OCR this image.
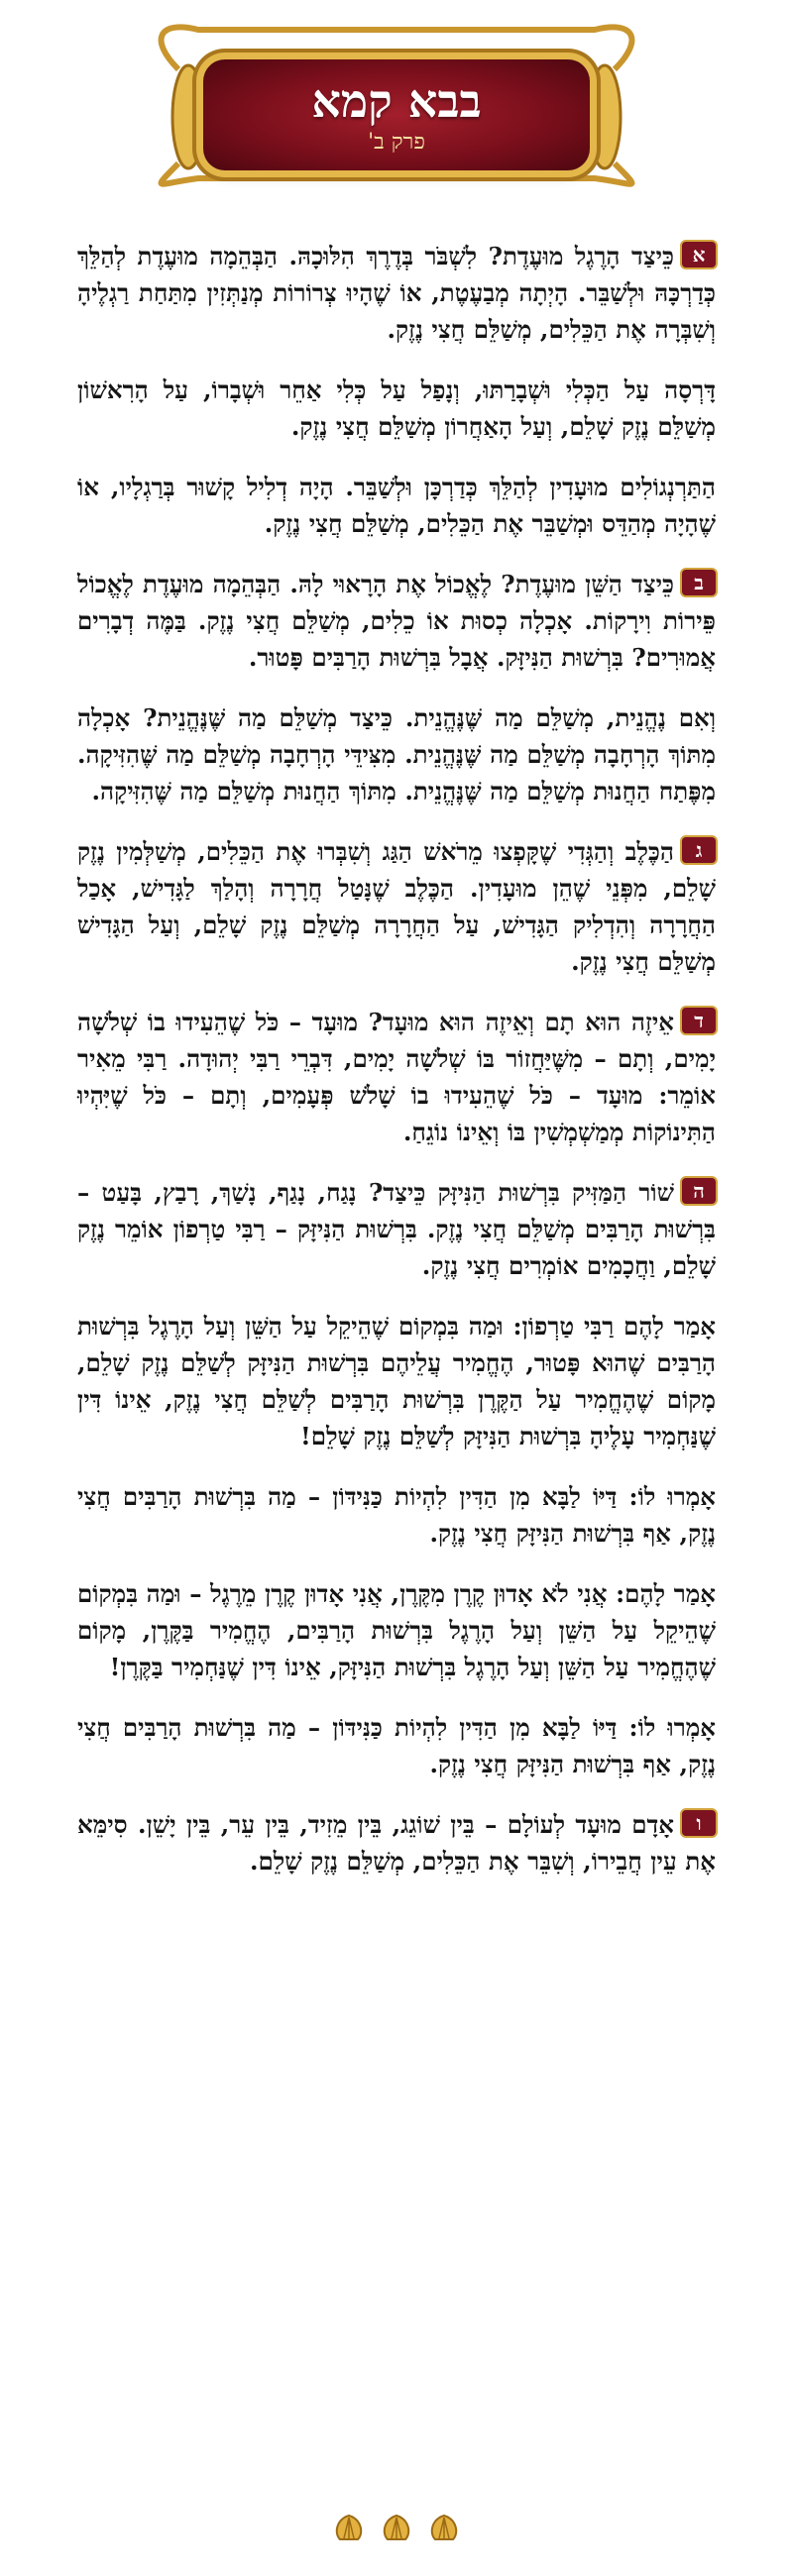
בבא קמא
פרק ב'

אכֵּיצַד הָרֶגֶל מוּעֶדֶת? לִשְׁבֹּר בְּדֶרֶךְ הִלּוּכָהּ. הַבְּהֵמָה מוּעֶדֶת לְהַלֵּךְ כְּדַרְכָּהּ וּלְשַׁבֵּר. הָיְתָה מְבַעֶטֶת, אוֹ שֶׁהָיוּ צְרוֹרוֹת מְנַתְּזִין מִתַּחַת רַגְלֶיהָ וְשִׁבְּרָה אֶת הַכֵּלִים, מְשַׁלֵּם חֲצִי נֶזֶק.

דָּרְסָה עַל הַכְּלִי וּשְׁבָרַתּוּ, וְנָפַל עַל כְּלִי אַחֵר וּשְׁבָרוֹ, עַל הָרִאשׁוֹן מְשַׁלֵּם נֶזֶק שָׁלֵם, וְעַל הָאַחֲרוֹן מְשַׁלֵּם חֲצִי נֶזֶק.

הַתַּרְנְגוֹלִים מוּעָדִין לְהַלֵּךְ כְּדַרְכָּן וּלְשַׁבֵּר. הָיָה דְלִיל קָשׁוּר בְּרַגְלָיו, אוֹ שֶׁהָיָה מְהַדֵּס וּמְשַׁבֵּר אֶת הַכֵּלִים, מְשַׁלֵּם חֲצִי נֶזֶק.

בכֵּיצַד הַשֵּׁן מוּעֶדֶת? לֶאֱכוֹל אֶת הָרָאוּי לָהּ. הַבְּהֵמָה מוּעֶדֶת לֶאֱכוֹל פֵּירוֹת וִירָקוֹת. אָכְלָה כְסוּת אוֹ כֵלִים, מְשַׁלֵּם חֲצִי נֶזֶק. בַּמֶּה דְבָרִים אֲמוּרִים? בִּרְשׁוּת הַנִּיזָּק. אֲבָל בִּרְשׁוּת הָרַבִּים פָּטוּר.

וְאִם נֶהֱנֵית, מְשַׁלֵּם מַה שֶּׁנֶּהֱנֵית. כֵּיצַד מְשַׁלֵּם מַה שֶּׁנֶּהֱנֵית? אָכְלָה מִתּוֹךְ הָרְחָבָה מְשַׁלֵּם מַה שֶּׁנֶּהֱנֵית. מִצִּידֵּי הָרְחָבָה מְשַׁלֵּם מַה שֶּׁהִזִּיקָה. מִפֶּתַח הַחֲנוּת מְשַׁלֵּם מַה שֶּׁנֶּהֱנֵית. מִתּוֹךְ הַחֲנוּת מְשַׁלֵּם מַה שֶּׁהִזִּיקָה.

גהַכֶּלֶב וְהַגְּדִי שֶׁקָּפְצוּ מֵרֹאשׁ הַגַּג וְשִׁבְּרוּ אֶת הַכֵּלִים, מְשַׁלְּמִין נֶזֶק שָׁלֵם, מִפְּנֵי שֶׁהֵן מוּעָדִין. הַכֶּלֶב שֶׁנָּטַל חֲרָרָה וְהָלַךְ לַגָּדִישׁ, אָכַל הַחֲרָרָה וְהִדְלִיק הַגָּדִישׁ, עַל הַחֲרָרָה מְשַׁלֵּם נֶזֶק שָׁלֵם, וְעַל הַגָּדִישׁ מְשַׁלֵּם חֲצִי נֶזֶק.

דאֵיזֶה הוּא תָם וְאֵיזֶה הוּא מוּעָד? מוּעָד – כֹּל שֶׁהֵעִידוּ בוֹ שְׁלֹשָׁה יָמִים, וְתָם – מִשֶּׁיַּחֲזוֹר בּוֹ שְׁלֹשָׁה יָמִים, דִּבְרֵי רַבִּי יְהוּדָה. רַבִּי מֵאִיר אוֹמֵר: מוּעָד – כֹּל שֶׁהֵעִידוּ בוֹ שָׁלֹשׁ פְּעָמִים, וְתָם – כֹּל שֶׁיִּהְיוּ הַתִּינוֹקוֹת מְמַשְׁמְשִׁין בּוֹ וְאֵינוֹ נוֹגֵחַ.

השׁוֹר הַמַּזִּיק בִּרְשׁוּת הַנִּיזָּק כֵּיצַד? נָגַח, נָגַף, נָשַׁךְ, רָבַץ, בָּעַט – בִּרְשׁוּת הָרַבִּים מְשַׁלֵּם חֲצִי נֶזֶק. בִּרְשׁוּת הַנִּיזָּק – רַבִּי טַרְפוֹן אוֹמֵר נֶזֶק שָׁלֵם, וַחֲכָמִים אוֹמְרִים חֲצִי נֶזֶק.

אָמַר לָהֶם רַבִּי טַרְפוֹן: וּמַה בִּמְקוֹם שֶׁהֵיקֵל עַל הַשֵּׁן וְעַל הָרֶגֶל בִּרְשׁוּת הָרַבִּים שֶׁהוּא פָּטוּר, הֶחֱמִיר עֲלֵיהֶם בִּרְשׁוּת הַנִּיזָּק לְשַׁלֵּם נֶזֶק שָׁלֵם, מָקוֹם שֶׁהֶחֱמִיר עַל הַקֶּרֶן בִּרְשׁוּת הָרַבִּים לְשַׁלֵּם חֲצִי נֶזֶק, אֵינוֹ דִּין שֶׁנַּחְמִיר עָלֶיהָ בִּרְשׁוּת הַנִּיזָּק לְשַׁלֵּם נֶזֶק שָׁלֵם!

אָמְרוּ לוֹ: דַּיּוֹ לַבָּא מִן הַדִּין לִהְיוֹת כַּנִּידּוֹן – מַה בִּרְשׁוּת הָרַבִּים חֲצִי נֶזֶק, אַף בִּרְשׁוּת הַנִּיזָּק חֲצִי נֶזֶק.

אָמַר לָהֶם: אֲנִי לֹא אָדוּן קֶרֶן מִקֶּרֶן, אֲנִי אָדוּן קֶרֶן מֵרֶגֶל – וּמַה בִּמְקוֹם שֶׁהֵיקֵל עַל הַשֵּׁן וְעַל הָרֶגֶל בִּרְשׁוּת הָרַבִּים, הֶחֱמִיר בַּקֶּרֶן, מָקוֹם שֶׁהֶחֱמִיר עַל הַשֵּׁן וְעַל הָרֶגֶל בִּרְשׁוּת הַנִּיזָּק, אֵינוֹ דִּין שֶׁנַּחְמִיר בַּקֶּרֶן!

אָמְרוּ לוֹ: דַּיּוֹ לַבָּא מִן הַדִּין לִהְיוֹת כַּנִּידּוֹן – מַה בִּרְשׁוּת הָרַבִּים חֲצִי נֶזֶק, אַף בִּרְשׁוּת הַנִּיזָּק חֲצִי נֶזֶק.

ואָדָם מוּעָד לְעוֹלָם – בֵּין שׁוֹגֵג, בֵּין מֵזִיד, בֵּין עֵר, בֵּין יָשֵׁן. סִימֵּא אֶת עֵין חֲבֵירוֹ, וְשִׁבֵּר אֶת הַכֵּלִים, מְשַׁלֵּם נֶזֶק שָׁלֵם.
